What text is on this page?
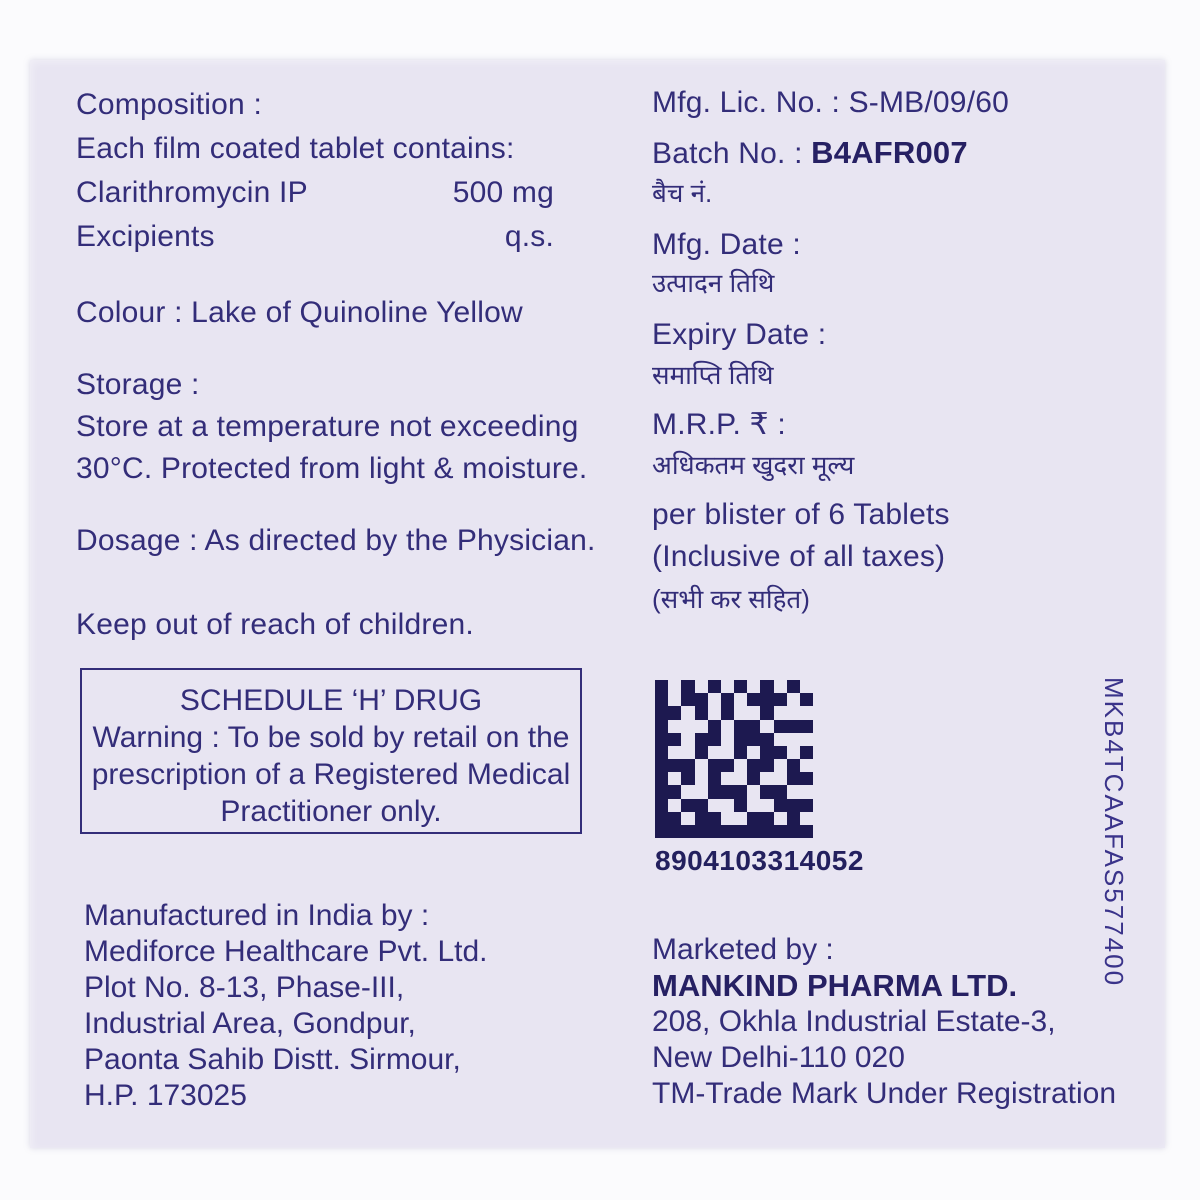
Composition :
Each film coated tablet contains:
Clarithromycin IP	500 mg
Excipients	q.s.
Colour : Lake of Quinoline Yellow
Storage :
Store at a temperature not exceeding
30°C. Protected from light & moisture.
Dosage : As directed by the Physician.
Keep out of reach of children.
SCHEDULE ‘H’ DRUG
Warning : To be sold by retail on the
prescription of a Registered Medical
Practitioner only.

Manufactured in India by :

Mediforce Healthcare Pvt. Ltd.

Plot No. 8-13, Phase-III,

Industrial Area, Gondpur,

Paonta Sahib Distt. Sirmour,

H.P. 173025

Mfg. Lic. No. : S-MB/09/60
Batch No. : B4AFR007
बैच नं.
Mfg. Date :
उत्पादन तिथि
Expiry Date :
समाप्ति तिथि
M.R.P. ₹ :
अधिकतम खुदरा मूल्य
per blister of 6 Tablets
(Inclusive of all taxes)
(सभी कर सहित)
8904103314052	MKB4TCAAFAS577400

Marketed by :

MANKIND PHARMA LTD.

208, Okhla Industrial Estate-3,

New Delhi-110 020

TM-Trade Mark Under Registration
